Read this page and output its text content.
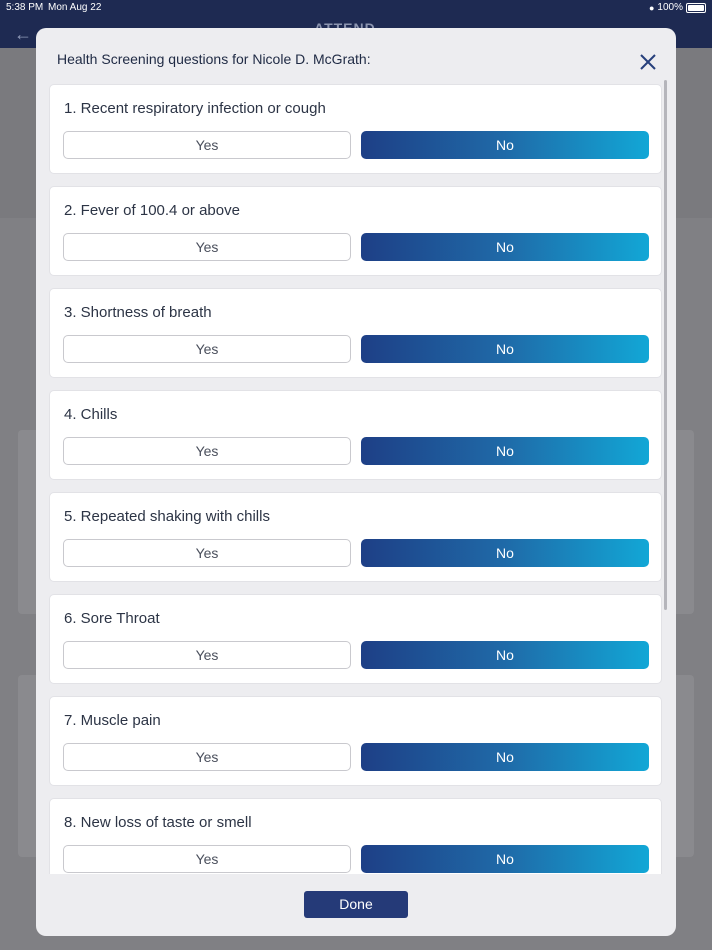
←
5:38 PM Mon Aug 22	● 100%
Health Screening questions for Nicole D. McGrath:
1. Recent respiratory infection or cough
Yes	No
2. Fever of 100.4 or above
Yes	No
3. Shortness of breath
Yes	No
4. Chills
Yes	No
5. Repeated shaking with chills
Yes	No
6. Sore Throat
Yes	No
7. Muscle pain
Yes	No
8. New loss of taste or smell
Yes	No
Done
